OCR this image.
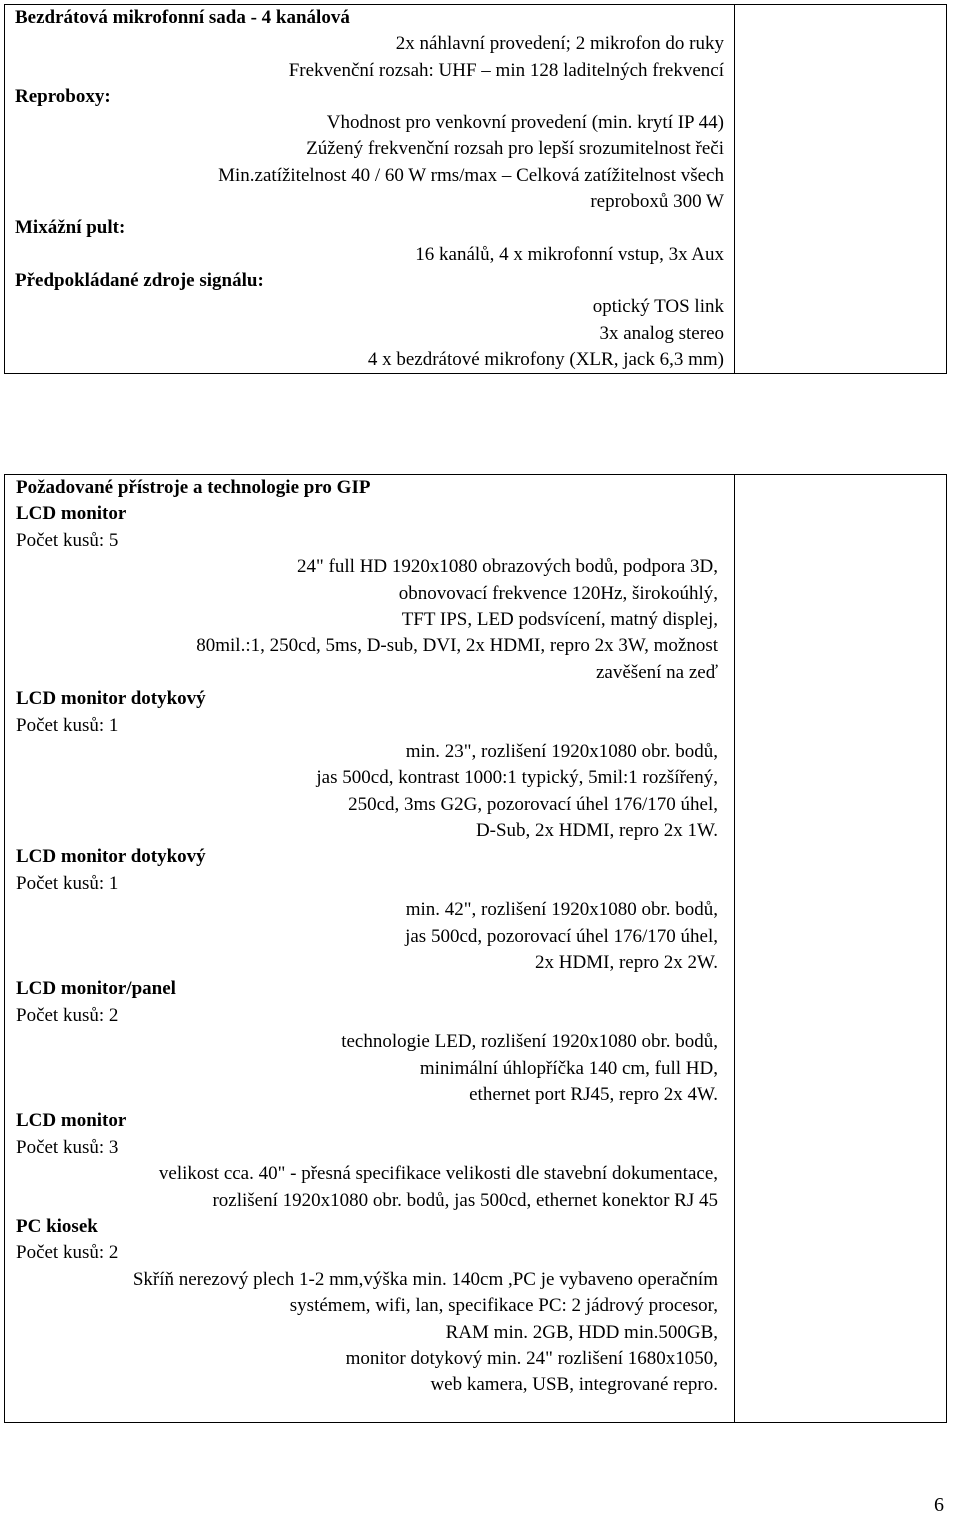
Bezdrátová mikrofonní sada - 4 kanálová
2x náhlavní provedení; 2 mikrofon do ruky
Frekvenční rozsah: UHF – min 128 laditelných frekvencí
Reproboxy:
Vhodnost pro venkovní provedení (min. krytí IP 44)
Zúžený frekvenční rozsah pro lepší srozumitelnost řeči
Min.zatížitelnost 40 / 60 W rms/max – Celková zatížitelnost všech
reproboxů 300 W
Mixážní pult:
16 kanálů, 4 x mikrofonní vstup, 3x Aux
Předpokládané zdroje signálu:
optický TOS link
3x analog stereo
4 x bezdrátové mikrofony (XLR, jack 6,3 mm)

Požadované přístroje a technologie pro GIP
LCD monitor
Počet kusů: 5
24" full HD 1920x1080 obrazových bodů, podpora 3D,
obnovovací frekvence 120Hz, širokoúhlý,
TFT IPS, LED podsvícení, matný displej,
80mil.:1, 250cd, 5ms, D-sub, DVI, 2x HDMI, repro 2x 3W, možnost
zavěšení na zeď
LCD monitor dotykový
Počet kusů: 1
min. 23", rozlišení 1920x1080 obr. bodů,
jas 500cd, kontrast 1000:1 typický, 5mil:1 rozšířený,
250cd, 3ms G2G, pozorovací úhel 176/170 úhel,
D-Sub, 2x HDMI, repro 2x 1W.
LCD monitor dotykový
Počet kusů: 1
min. 42", rozlišení 1920x1080 obr. bodů,
jas 500cd, pozorovací úhel 176/170 úhel,
2x HDMI, repro 2x 2W.
LCD monitor/panel
Počet kusů: 2
technologie LED, rozlišení 1920x1080 obr. bodů,
minimální úhlopříčka 140 cm, full HD,
ethernet port RJ45, repro 2x 4W.
LCD monitor
Počet kusů: 3
velikost cca. 40" - přesná specifikace velikosti dle stavební dokumentace,
rozlišení 1920x1080 obr. bodů, jas 500cd, ethernet konektor RJ 45
PC kiosek
Počet kusů: 2
Skříň nerezový plech 1-2 mm,výška min. 140cm ,PC je vybaveno operačním
systémem, wifi, lan, specifikace PC: 2 jádrový procesor,
RAM min. 2GB, HDD min.500GB,
monitor dotykový min. 24" rozlišení 1680x1050,
web kamera, USB, integrované repro.

6
